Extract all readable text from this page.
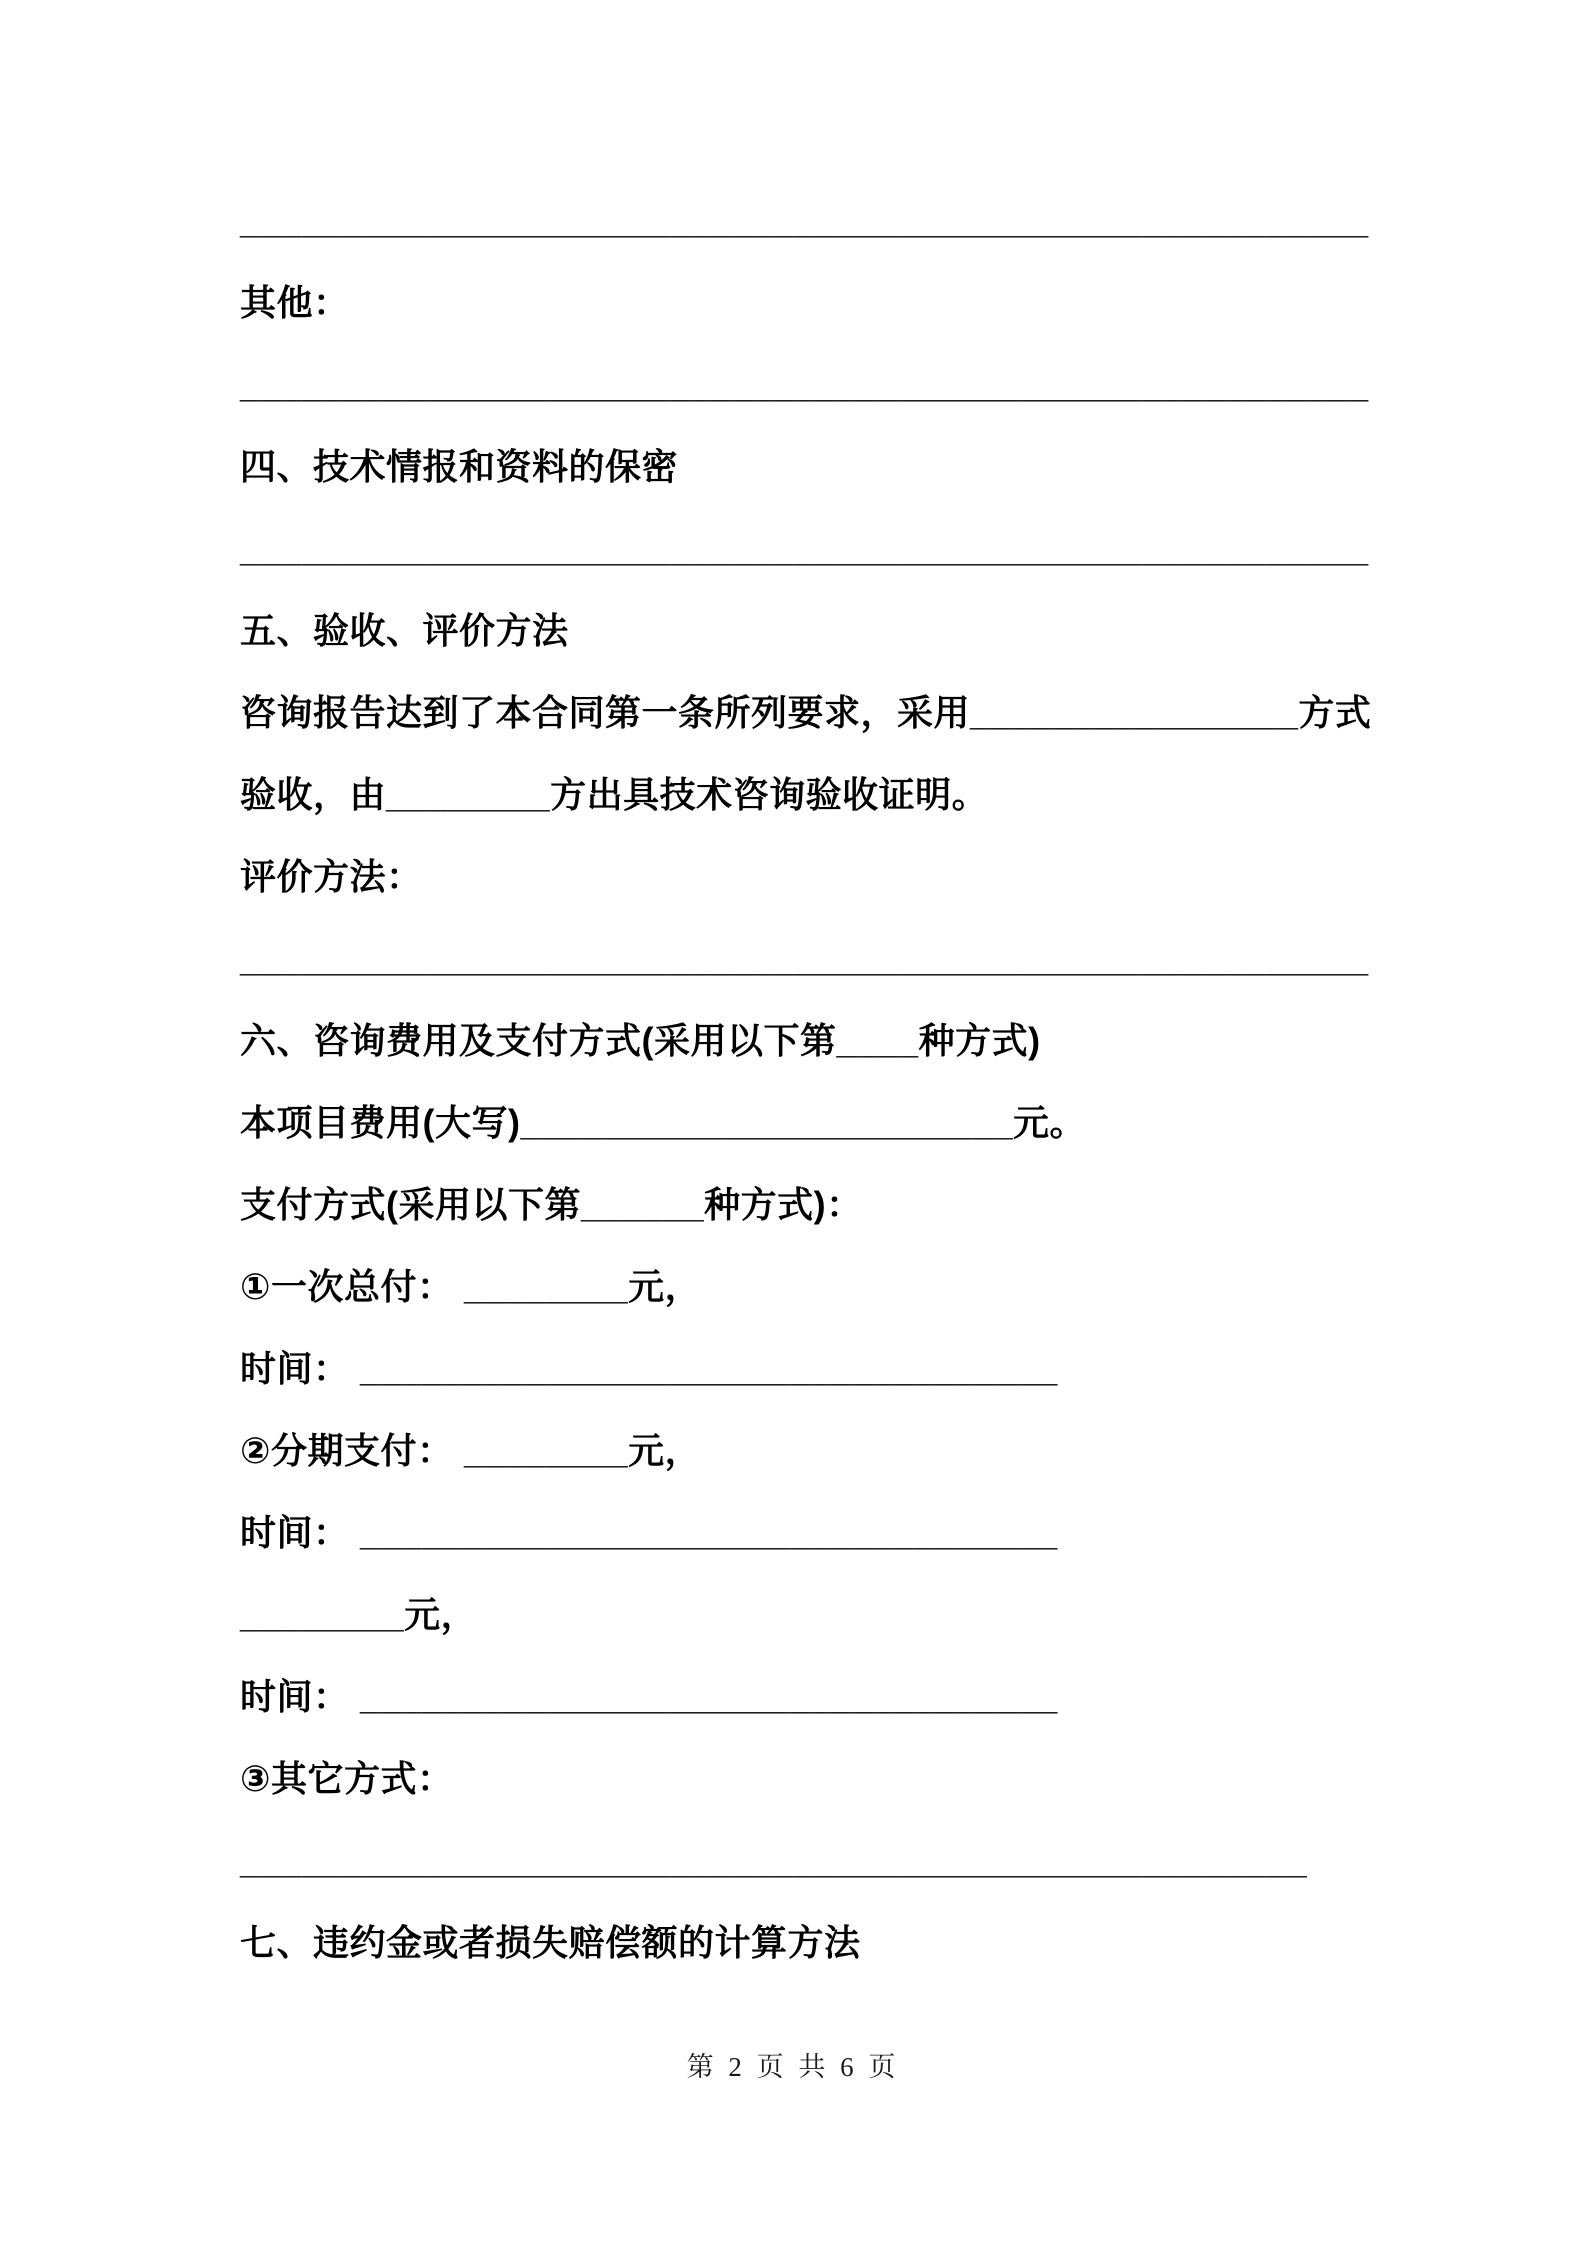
_______________________________________________________
其他：
_______________________________________________________
四、技术情报和资料的保密
_______________________________________________________
五、验收、评价方法
咨询报告达到了本合同第一条所列要求，采用________________方式
验收，由________方出具技术咨询验收证明。
评价方法：
_______________________________________________________
六、咨询费用及支付方式(采用以下第____种方式)
本项目费用(大写)________________________元。
支付方式(采用以下第______种方式)：
①一次总付： ________元，
时间： __________________________________
②分期支付： ________元，
时间： __________________________________
________元，
时间： __________________________________
③其它方式：
____________________________________________________
七、违约金或者损失赔偿额的计算方法
第 2 页 共 6 页
